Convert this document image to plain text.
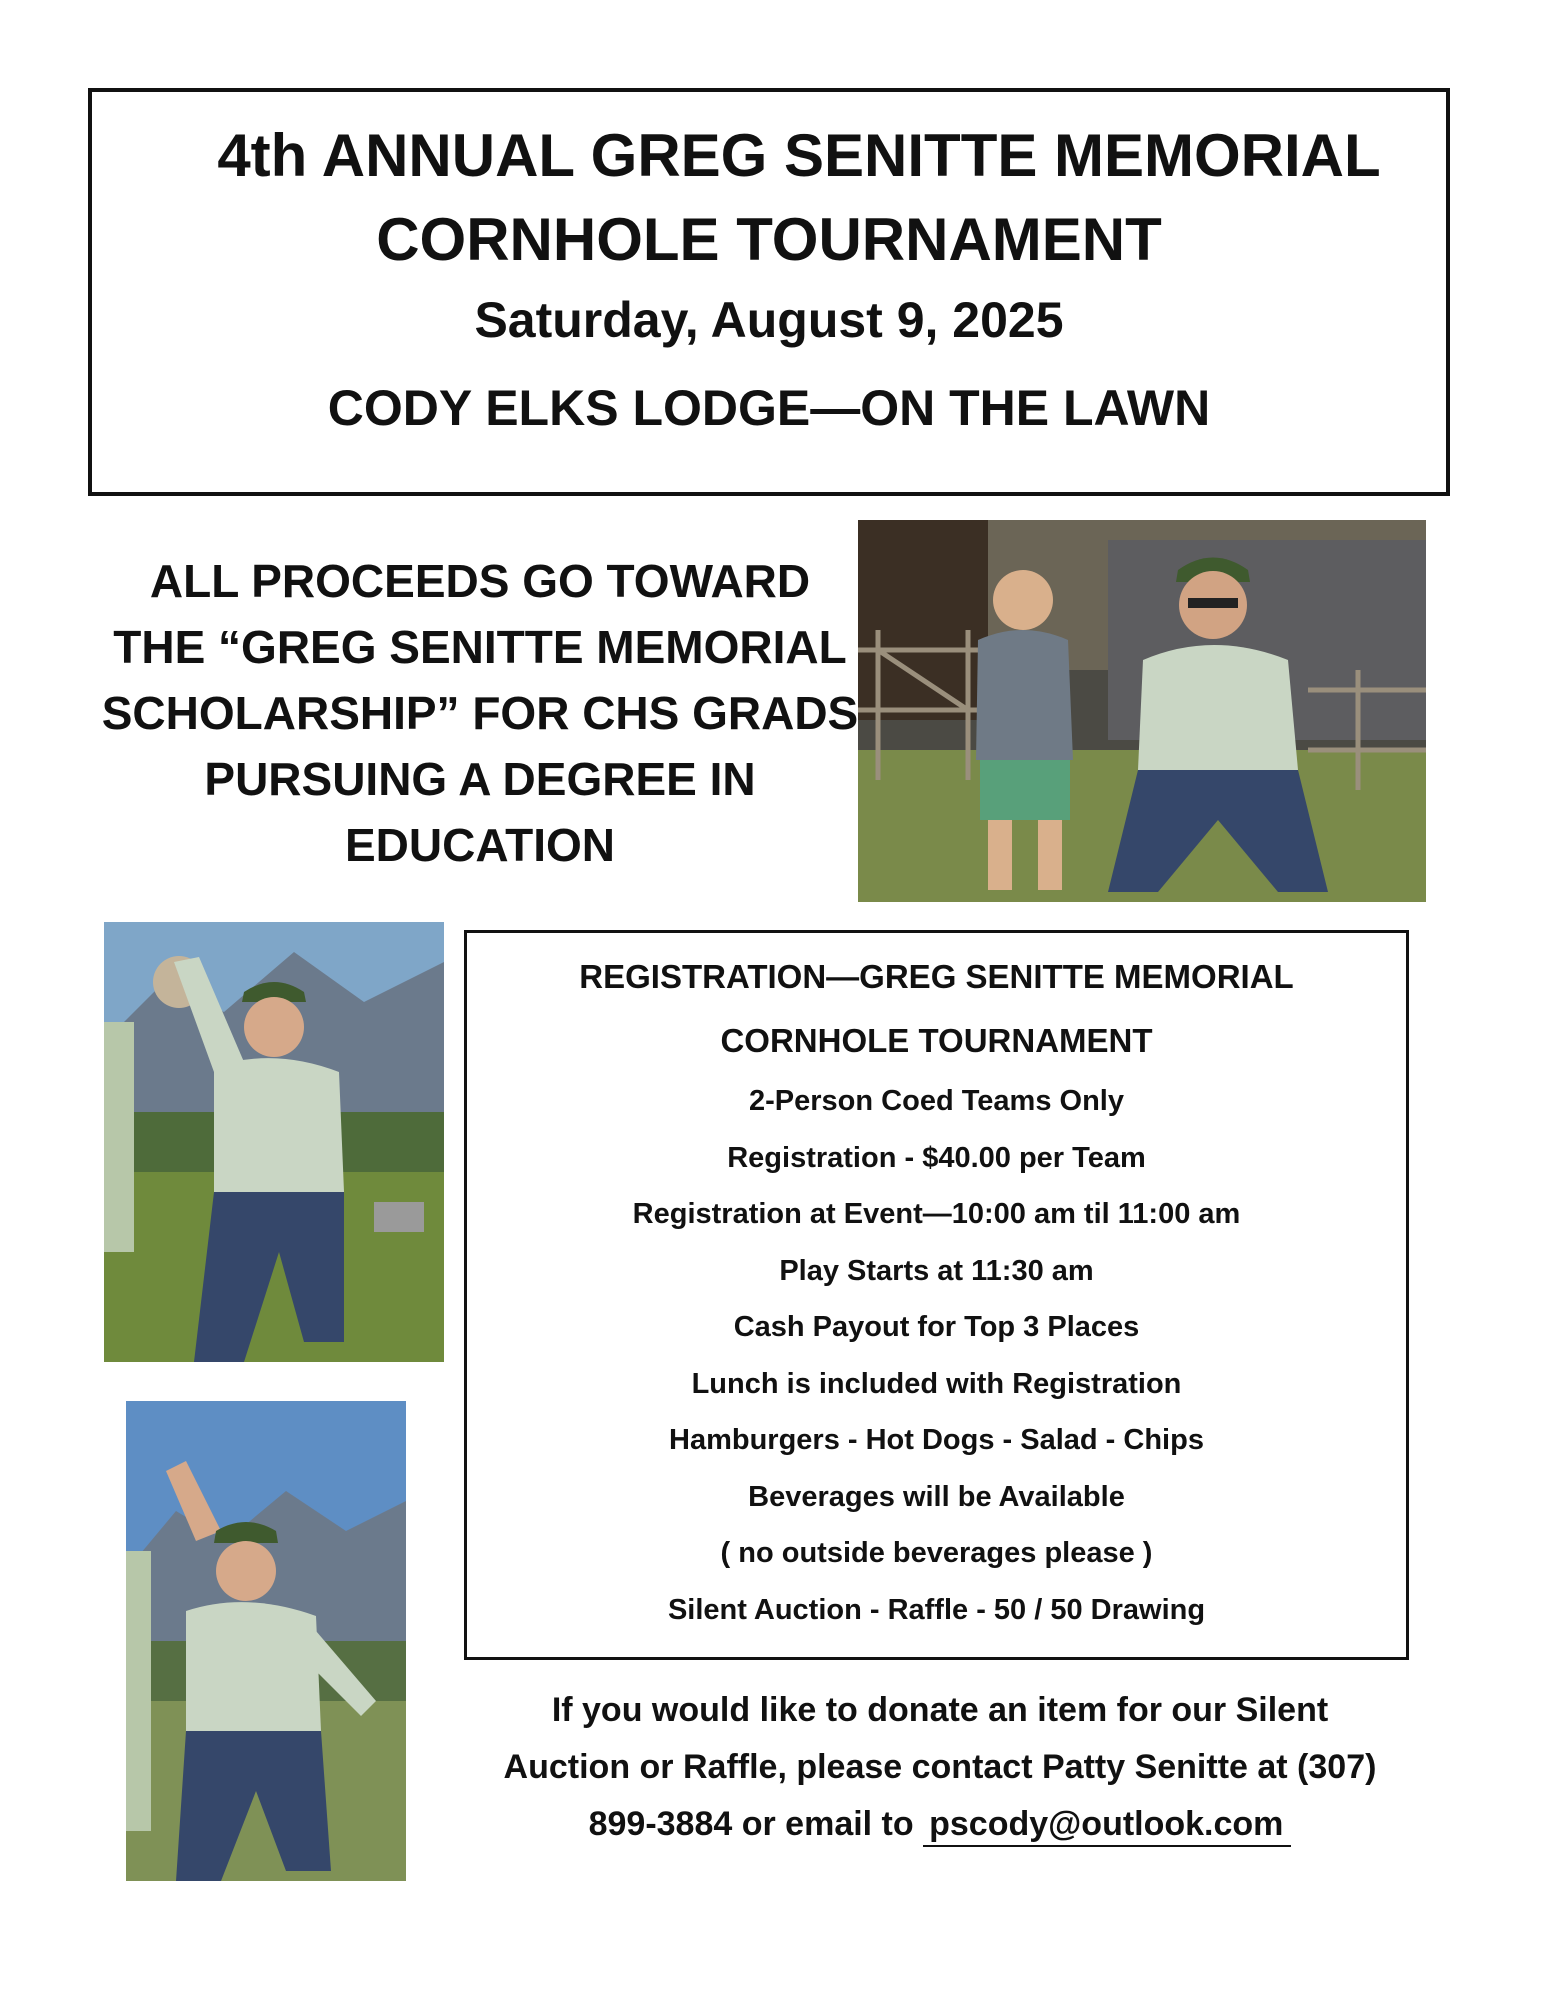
4th ANNUAL GREG SENITTE MEMORIAL
CORNHOLE TOURNAMENT
Saturday, August 9, 2025
CODY ELKS LODGE—ON THE LAWN
ALL PROCEEDS GO TOWARD
THE “GREG SENITTE MEMORIAL
SCHOLARSHIP” FOR CHS GRADS
PURSUING A DEGREE IN
EDUCATION
REGISTRATION—GREG SENITTE MEMORIAL
CORNHOLE TOURNAMENT
2-Person Coed Teams Only
Registration - $40.00 per Team
Registration at Event—10:00 am til 11:00 am
Play Starts at 11:30 am
Cash Payout for Top 3 Places
Lunch is included with Registration
Hamburgers - Hot Dogs - Salad - Chips
Beverages will be Available
( no outside beverages please )
Silent Auction - Raffle - 50 / 50 Drawing
If you would like to donate an item for our Silent
Auction or Raffle, please contact Patty Senitte at (307)
899-3884 or email to pscody@outlook.com
